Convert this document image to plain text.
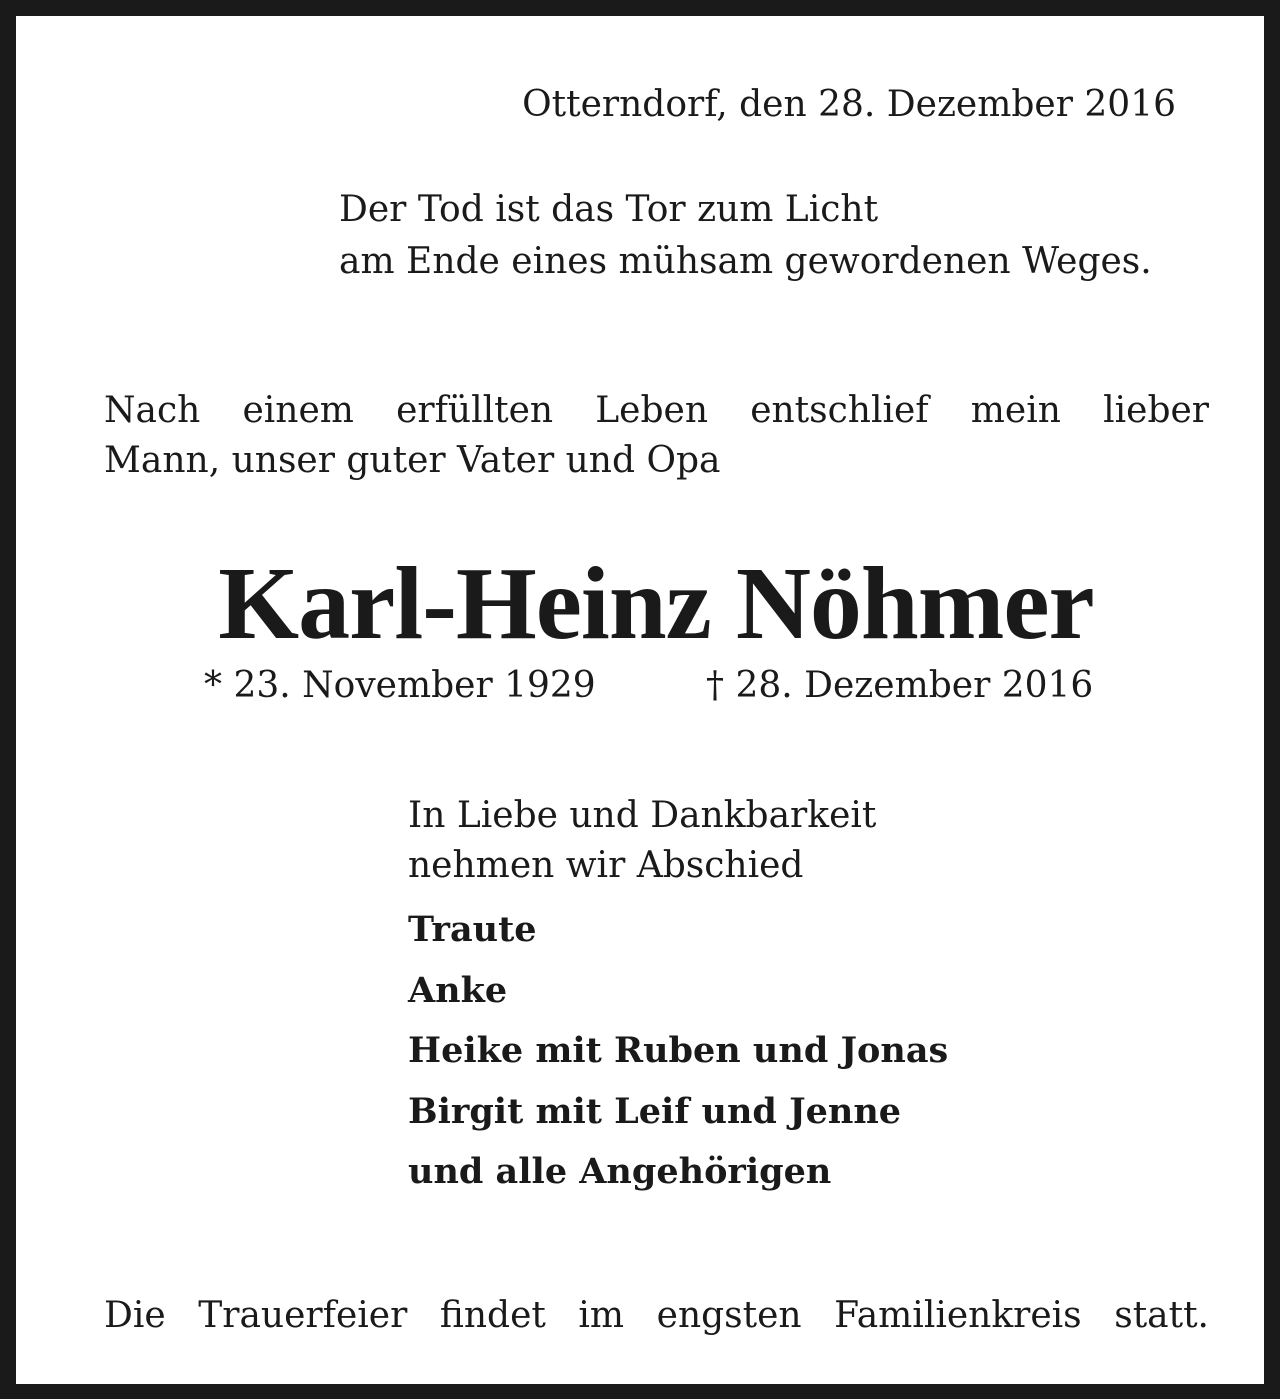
Otterndorf, den 28. Dezember 2016
Der Tod ist das Tor zum Licht
am Ende eines mühsam gewordenen Weges.
Nach einem erfüllten Leben entschlief mein lieber
Mann, unser guter Vater und Opa
Karl-Heinz Nöhmer
* 23. November 1929	† 28. Dezember 2016
In Liebe und Dankbarkeit
nehmen wir Abschied
Traute
Anke
Heike mit Ruben und Jonas
Birgit mit Leif und Jenne
und alle Angehörigen
Die Trauerfeier findet im engsten Familienkreis statt.
